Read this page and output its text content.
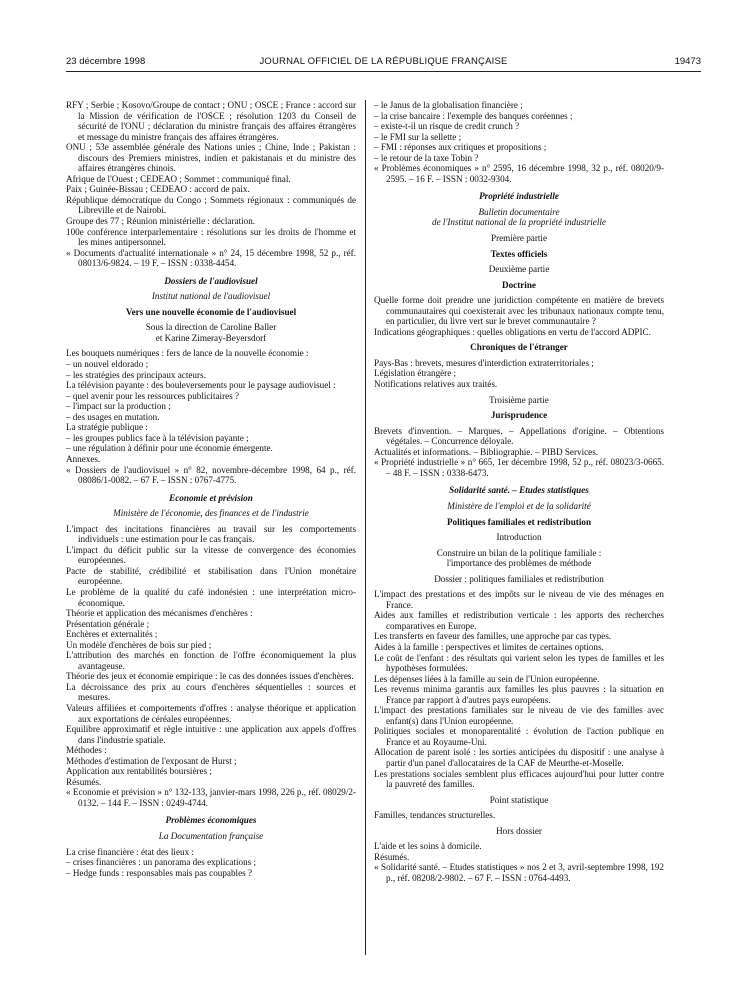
23 décembre 1998	JOURNAL OFFICIEL DE LA RÉPUBLIQUE FRANÇAISE	19473

RFY ; Serbie ; Kosovo/Groupe de contact ; ONU ; OSCE ; France : accord sur la Mission de vérification de l'OSCE ; résolution 1203 du Conseil de sécurité de l'ONU ; déclaration du ministre français des affaires étrangères et message du ministre français des affaires étrangères.

ONU ; 53e assemblée générale des Nations unies ; Chine, Inde ; Pakistan : discours des Premiers ministres, indien et pakistanais et du ministre des affaires étrangères chinois.

Afrique de l'Ouest ; CEDEAO ; Sommet : communiqué final.

Paix ; Guinée-Bissau ; CEDEAO : accord de paix.

République démocratique du Congo ; Sommets régionaux : communiqués de Libreville et de Nairobi.

Groupe des 77 ; Réunion ministérielle : déclaration.

100e conférence interparlementaire : résolutions sur les droits de l'homme et les mines antipersonnel.

« Documents d'actualité internationale » n° 24, 15 décembre 1998, 52 p., réf. 08013/6-9824. – 19 F. – ISSN : 0338-4454.

Dossiers de l'audiovisuel

Institut national de l'audiovisuel

Vers une nouvelle économie de l'audiovisuel

Sous la direction de Caroline Baller

et Karine Zimeray-Beyersdorf

Les bouquets numériques : fers de lance de la nouvelle économie :

– un nouvel eldorado ;

– les stratégies des principaux acteurs.

La télévision payante : des bouleversements pour le paysage audiovisuel :

– quel avenir pour les ressources publicitaires ?

– l'impact sur la production ;

– des usages en mutation.

La stratégie publique :

– les groupes publics face à la télévision payante ;

– une régulation à définir pour une économie émergente.

Annexes.

« Dossiers de l'audiovisuel » n° 82, novembre-décembre 1998, 64 p., réf. 08086/1-0082. – 67 F. – ISSN : 0767-4775.

Economie et prévision

Ministère de l'économie, des finances et de l'industrie

L'impact des incitations financières au travail sur les comportements individuels : une estimation pour le cas français.

L'impact du déficit public sur la vitesse de convergence des économies européennes.

Pacte de stabilité, crédibilité et stabilisation dans l'Union monétaire européenne.

Le problème de la qualité du café indonésien : une interprétation micro-économique.

Théorie et application des mécanismes d'enchères :

Présentation générale ;

Enchères et externalités ;

Un modèle d'enchères de bois sur pied ;

L'attribution des marchés en fonction de l'offre économiquement la plus avantageuse.

Théorie des jeux et économie empirique : le cas des données issues d'enchères.

La décroissance des prix au cours d'enchères séquentielles : sources et mesures.

Valeurs affiliées et comportements d'offres : analyse théorique et application aux exportations de céréales européennes.

Equilibre approximatif et règle intuitive : une application aux appels d'offres dans l'industrie spatiale.

Méthodes :

Méthodes d'estimation de l'exposant de Hurst ;

Application aux rentabilités boursières ;

Résumés.

« Economie et prévision » n° 132-133, janvier-mars 1998, 226 p., réf. 08029/2-0132. – 144 F. – ISSN : 0249-4744.

Problèmes économiques

La Documentation française

La crise financière : état des lieux :

– crises financières : un panorama des explications ;

– Hedge funds : responsables mais pas coupables ?

– le Janus de la globalisation financière ;

– la crise bancaire : l'exemple des banques coréennes ;

– existe-t-il un risque de credit crunch ?

– le FMI sur la sellette ;

– FMI : réponses aux critiques et propositions ;

– le retour de la taxe Tobin ?

« Problèmes économiques » n° 2595, 16 décembre 1998, 32 p., réf. 08020/9-2595. – 16 F. – ISSN : 0032-9304.

Propriété industrielle

Bulletin documentaire

de l'Institut national de la propriété industrielle

Première partie

Textes officiels

Deuxième partie

Doctrine

Quelle forme doit prendre une juridiction compétente en matière de brevets communautaires qui coexisterait avec les tribunaux nationaux compte tenu, en particulier, du livre vert sur le brevet communautaire ?

Indications géographiques : quelles obligations en vertu de l'accord ADPIC.

Chroniques de l'étranger

Pays-Bas : brevets, mesures d'interdiction extraterritoriales ;

Législation étrangère ;

Notifications relatives aux traités.

Troisième partie

Jurisprudence

Brevets d'invention. – Marques. – Appellations d'origine. – Obtentions végétales. – Concurrence déloyale.

Actualités et informations. – Bibliographie. – PIBD Services.

« Propriété industrielle » n° 665, 1er décembre 1998, 52 p., réf. 08023/3-0665. – 48 F. – ISSN : 0338-6473.

Solidarité santé. – Etudes statistiques

Ministère de l'emploi et de la solidarité

Politiques familiales et redistribution

Introduction

Construire un bilan de la politique familiale :

l'importance des problèmes de méthode

Dossier : politiques familiales et redistribution

L'impact des prestations et des impôts sur le niveau de vie des ménages en France.

Aides aux familles et redistribution verticale : les apports des recherches comparatives en Europe.

Les transferts en faveur des familles, une approche par cas types.

Aides à la famille : perspectives et limites de certaines options.

Le coût de l'enfant : des résultats qui varient selon les types de familles et les hypothèses formulées.

Les dépenses liées à la famille au sein de l'Union européenne.

Les revenus minima garantis aux familles les plus pauvres : la situation en France par rapport à d'autres pays européens.

L'impact des prestations familiales sur le niveau de vie des familles avec enfant(s) dans l'Union européenne.

Politiques sociales et monoparentalité : évolution de l'action publique en France et au Royaume-Uni.

Allocation de parent isolé : les sorties anticipées du dispositif : une analyse à partir d'un panel d'allocataires de la CAF de Meurthe-et-Moselle.

Les prestations sociales semblent plus efficaces aujourd'hui pour lutter contre la pauvreté des familles.

Point statistique

Familles, tendances structurelles.

Hors dossier

L'aide et les soins à domicile.

Résumés.

« Solidarité santé. – Etudes statistiques » nos 2 et 3, avril-septembre 1998, 192 p., réf. 08208/2-9802. – 67 F. – ISSN : 0764-4493.
